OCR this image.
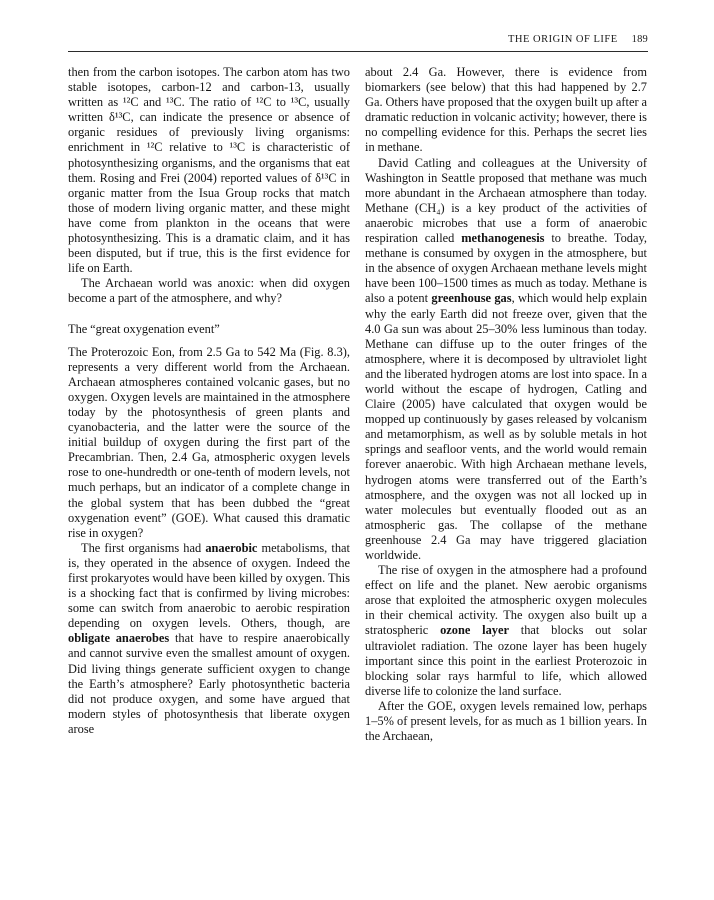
THE ORIGIN OF LIFE 189

then from the carbon isotopes. The carbon atom has two stable isotopes, carbon-12 and carbon-13, usually written as ¹²C and ¹³C. The ratio of ¹²C to ¹³C, usually written δ¹³C, can indicate the presence or absence of organic residues of previously living organisms: enrichment in ¹²C relative to ¹³C is characteristic of photosynthesizing organisms, and the organisms that eat them. Rosing and Frei (2004) reported values of δ¹³C in organic matter from the Isua Group rocks that match those of modern living organic matter, and these might have come from plankton in the oceans that were photosynthesizing. This is a dramatic claim, and it has been disputed, but if true, this is the first evidence for life on Earth.

The Archaean world was anoxic: when did oxygen become a part of the atmosphere, and why?

The “great oxygenation event”

The Proterozoic Eon, from 2.5 Ga to 542 Ma (Fig. 8.3), represents a very different world from the Archaean. Archaean atmospheres contained volcanic gases, but no oxygen. Oxygen levels are maintained in the atmosphere today by the photosynthesis of green plants and cyanobacteria, and the latter were the source of the initial buildup of oxygen during the first part of the Precambrian. Then, 2.4 Ga, atmospheric oxygen levels rose to one-hundredth or one-tenth of modern levels, not much perhaps, but an indicator of a complete change in the global system that has been dubbed the “great oxygenation event” (GOE). What caused this dramatic rise in oxygen?

The first organisms had anaerobic metabolisms, that is, they operated in the absence of oxygen. Indeed the first prokaryotes would have been killed by oxygen. This is a shocking fact that is confirmed by living microbes: some can switch from anaerobic to aerobic respiration depending on oxygen levels. Others, though, are obligate anaerobes that have to respire anaerobically and cannot survive even the smallest amount of oxygen. Did living things generate sufficient oxygen to change the Earth’s atmosphere? Early photosynthetic bacteria did not produce oxygen, and some have argued that modern styles of photosynthesis that liberate oxygen arose

about 2.4 Ga. However, there is evidence from biomarkers (see below) that this had happened by 2.7 Ga. Others have proposed that the oxygen built up after a dramatic reduction in volcanic activity; however, there is no compelling evidence for this. Perhaps the secret lies in methane.

David Catling and colleagues at the University of Washington in Seattle proposed that methane was much more abundant in the Archaean atmosphere than today. Methane (CH₄) is a key product of the activities of anaerobic microbes that use a form of anaerobic respiration called methanogenesis to breathe. Today, methane is consumed by oxygen in the atmosphere, but in the absence of oxygen Archaean methane levels might have been 100–1500 times as much as today. Methane is also a potent greenhouse gas, which would help explain why the early Earth did not freeze over, given that the 4.0 Ga sun was about 25–30% less luminous than today. Methane can diffuse up to the outer fringes of the atmosphere, where it is decomposed by ultraviolet light and the liberated hydrogen atoms are lost into space. In a world without the escape of hydrogen, Catling and Claire (2005) have calculated that oxygen would be mopped up continuously by gases released by volcanism and metamorphism, as well as by soluble metals in hot springs and seafloor vents, and the world would remain forever anaerobic. With high Archaean methane levels, hydrogen atoms were transferred out of the Earth’s atmosphere, and the oxygen was not all locked up in water molecules but eventually flooded out as an atmospheric gas. The collapse of the methane greenhouse 2.4 Ga may have triggered glaciation worldwide.

The rise of oxygen in the atmosphere had a profound effect on life and the planet. New aerobic organisms arose that exploited the atmospheric oxygen molecules in their chemical activity. The oxygen also built up a stratospheric ozone layer that blocks out solar ultraviolet radiation. The ozone layer has been hugely important since this point in the earliest Proterozoic in blocking solar rays harmful to life, which allowed diverse life to colonize the land surface.

After the GOE, oxygen levels remained low, perhaps 1–5% of present levels, for as much as 1 billion years. In the Archaean,
